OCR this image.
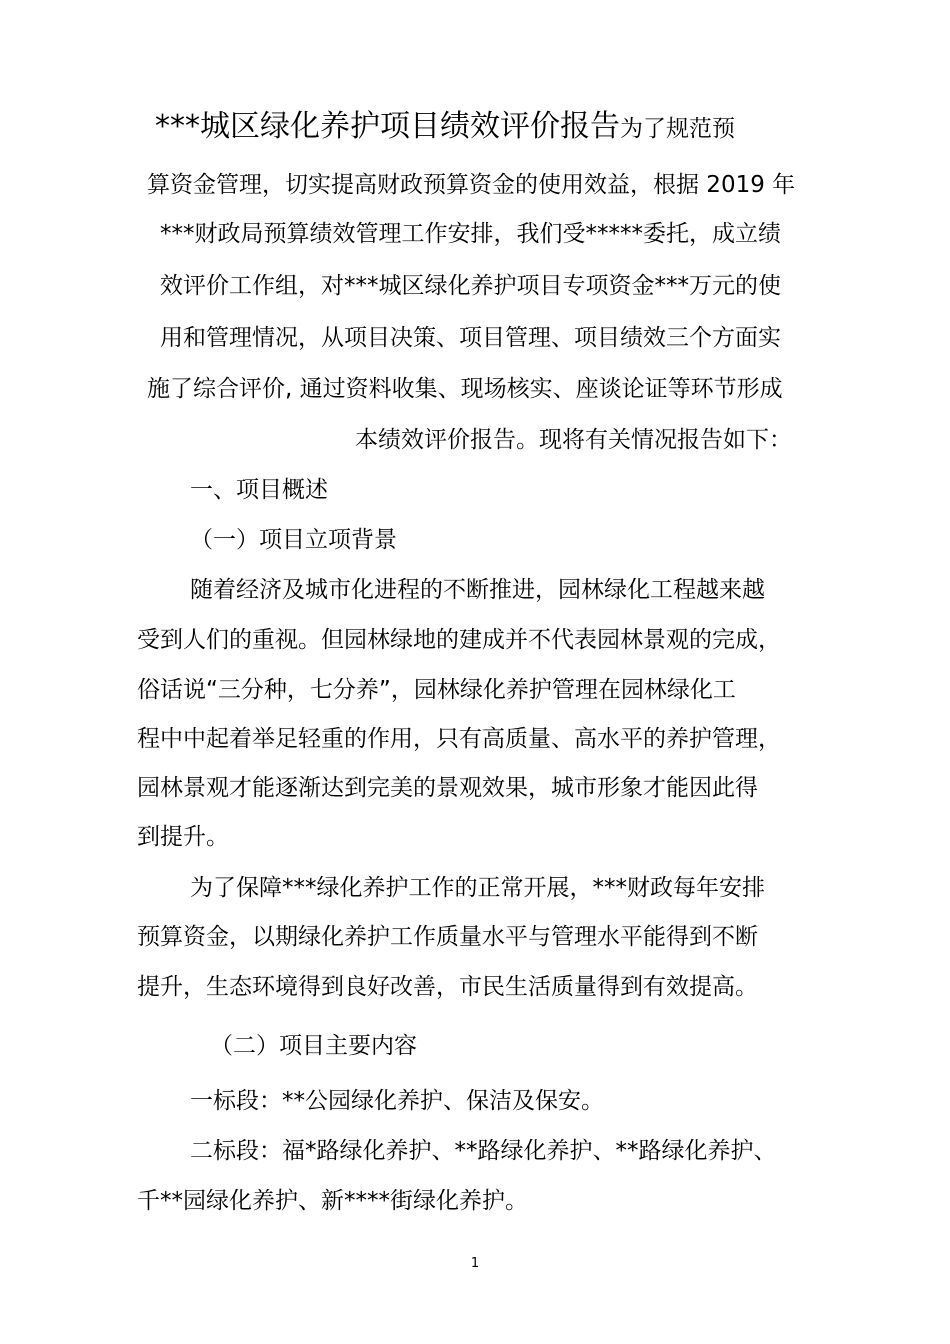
***城区绿化养护项目绩效评价报告为了规范预
算资金管理，切实提高财政预算资金的使用效益，根据 2019 年
***财政局预算绩效管理工作安排，我们受*****委托，成立绩
效评价工作组，对***城区绿化养护项目专项资金***万元的使
用和管理情况，从项目决策、项目管理、项目绩效三个方面实
施了综合评价, 通过资料收集、现场核实、座谈论证等环节形成
本绩效评价报告。现将有关情况报告如下：
一、项目概述
（一）项目立项背景
随着经济及城市化进程的不断推进，园林绿化工程越来越
受到人们的重视。但园林绿地的建成并不代表园林景观的完成，
俗话说“三分种，七分养”，园林绿化养护管理在园林绿化工
程中中起着举足轻重的作用，只有高质量、高水平的养护管理，
园林景观才能逐渐达到完美的景观效果，城市形象才能因此得
到提升。
为了保障***绿化养护工作的正常开展，***财政每年安排
预算资金，以期绿化养护工作质量水平与管理水平能得到不断
提升，生态环境得到良好改善，市民生活质量得到有效提高。
（二）项目主要内容
一标段：**公园绿化养护、保洁及保安。
二标段：福*路绿化养护、**路绿化养护、**路绿化养护、
千**园绿化养护、新****街绿化养护。
1
